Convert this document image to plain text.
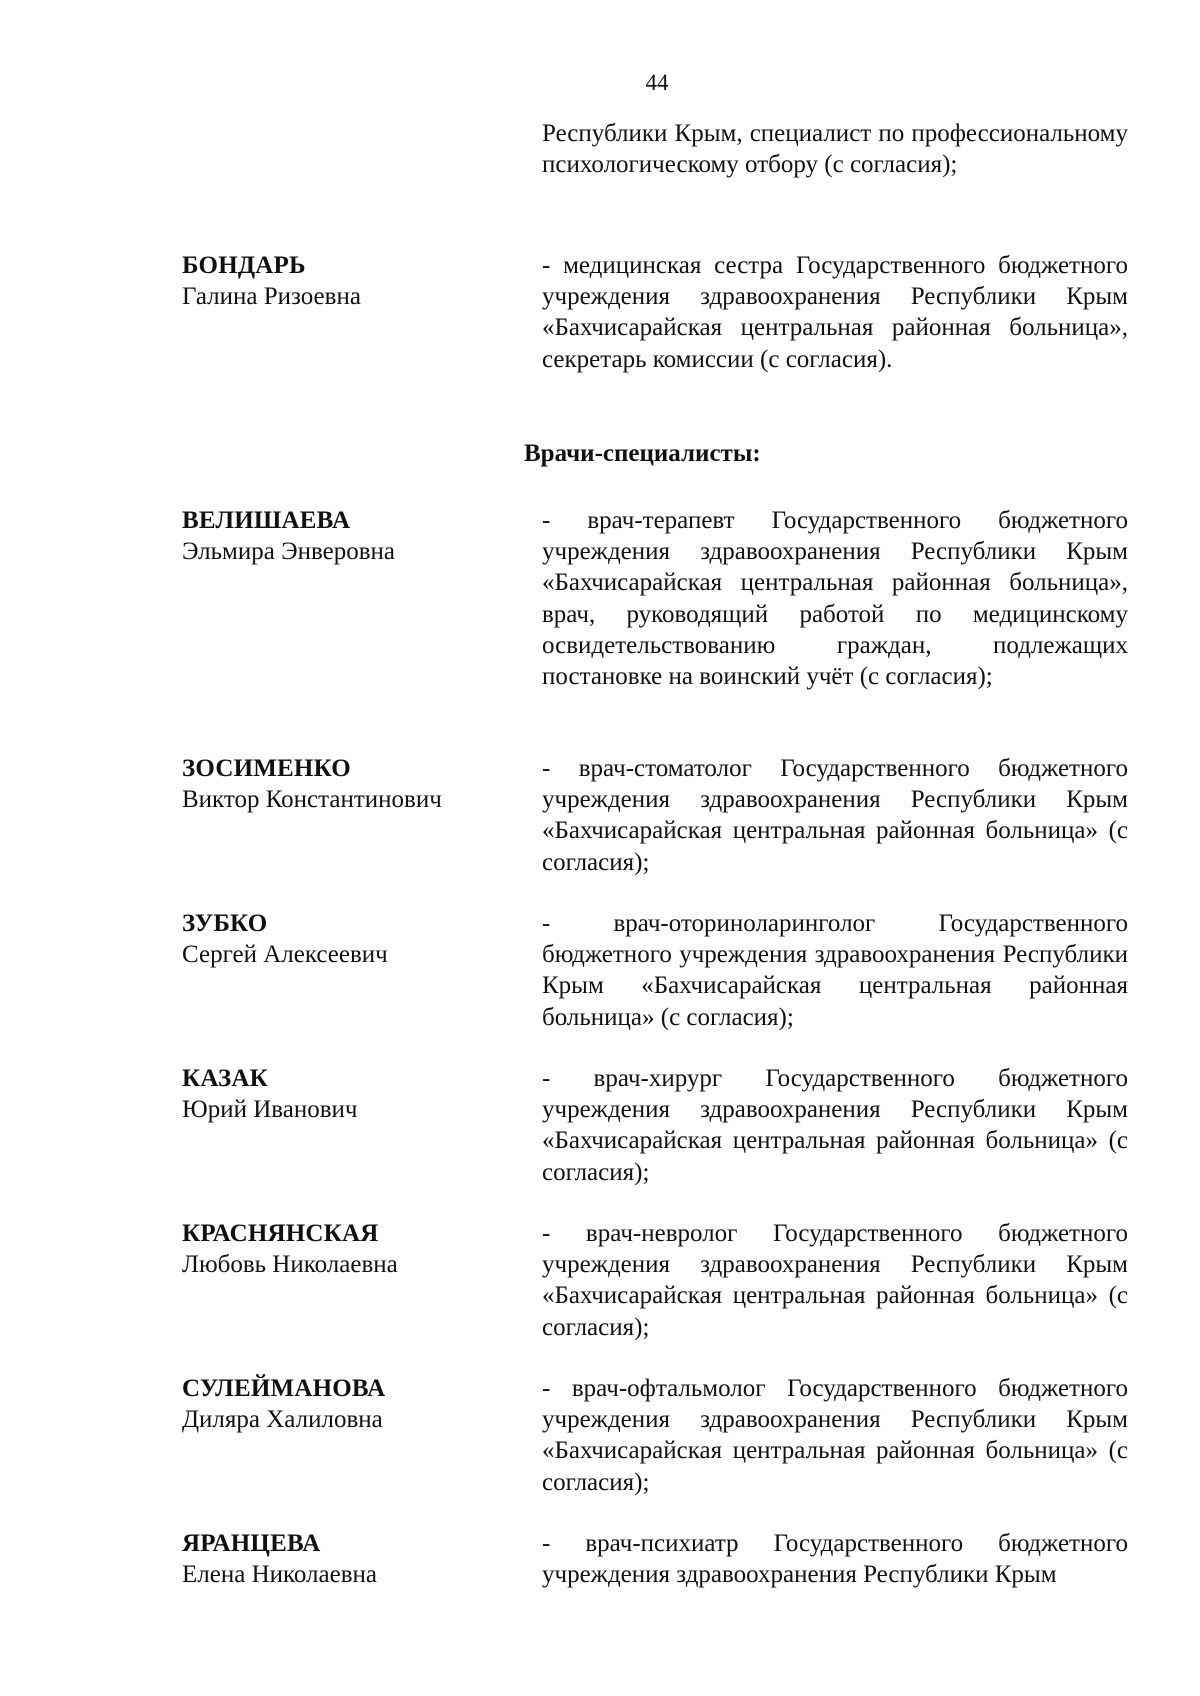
44
Республики Крым, специалист по профессиональному психологическому отбору (с согласия);
БОНДАРЬ
Галина Ризоевна
- медицинская сестра Государственного бюджетного учреждения здравоохранения Республики Крым «Бахчисарайская центральная районная больница», секретарь комиссии (с согласия).
Врачи-специалисты:
ВЕЛИШАЕВА
Эльмира Энверовна
- врач-терапевт Государственного бюджетного учреждения здравоохранения Республики Крым «Бахчисарайская центральная районная больница», врач, руководящий работой по медицинскому освидетельствованию граждан, подлежащих постановке на воинский учёт (с согласия);
ЗОСИМЕНКО
Виктор Константинович
- врач-стоматолог Государственного бюджетного учреждения здравоохранения Республики Крым «Бахчисарайская центральная районная больница» (с согласия);
ЗУБКО
Сергей Алексеевич
- врач-оториноларинголог Государственного бюджетного учреждения здравоохранения Республики Крым «Бахчисарайская центральная районная больница» (с согласия);
КАЗАК
Юрий Иванович
- врач-хирург Государственного бюджетного учреждения здравоохранения Республики Крым «Бахчисарайская центральная районная больница» (с согласия);
КРАСНЯНСКАЯ
Любовь Николаевна
- врач-невролог Государственного бюджетного учреждения здравоохранения Республики Крым «Бахчисарайская центральная районная больница» (с согласия);
СУЛЕЙМАНОВА
Диляра Халиловна
- врач-офтальмолог Государственного бюджетного учреждения здравоохранения Республики Крым «Бахчисарайская центральная районная больница» (с согласия);
ЯРАНЦЕВА
Елена Николаевна
- врач-психиатр Государственного бюджетного учреждения здравоохранения Республики Крым
